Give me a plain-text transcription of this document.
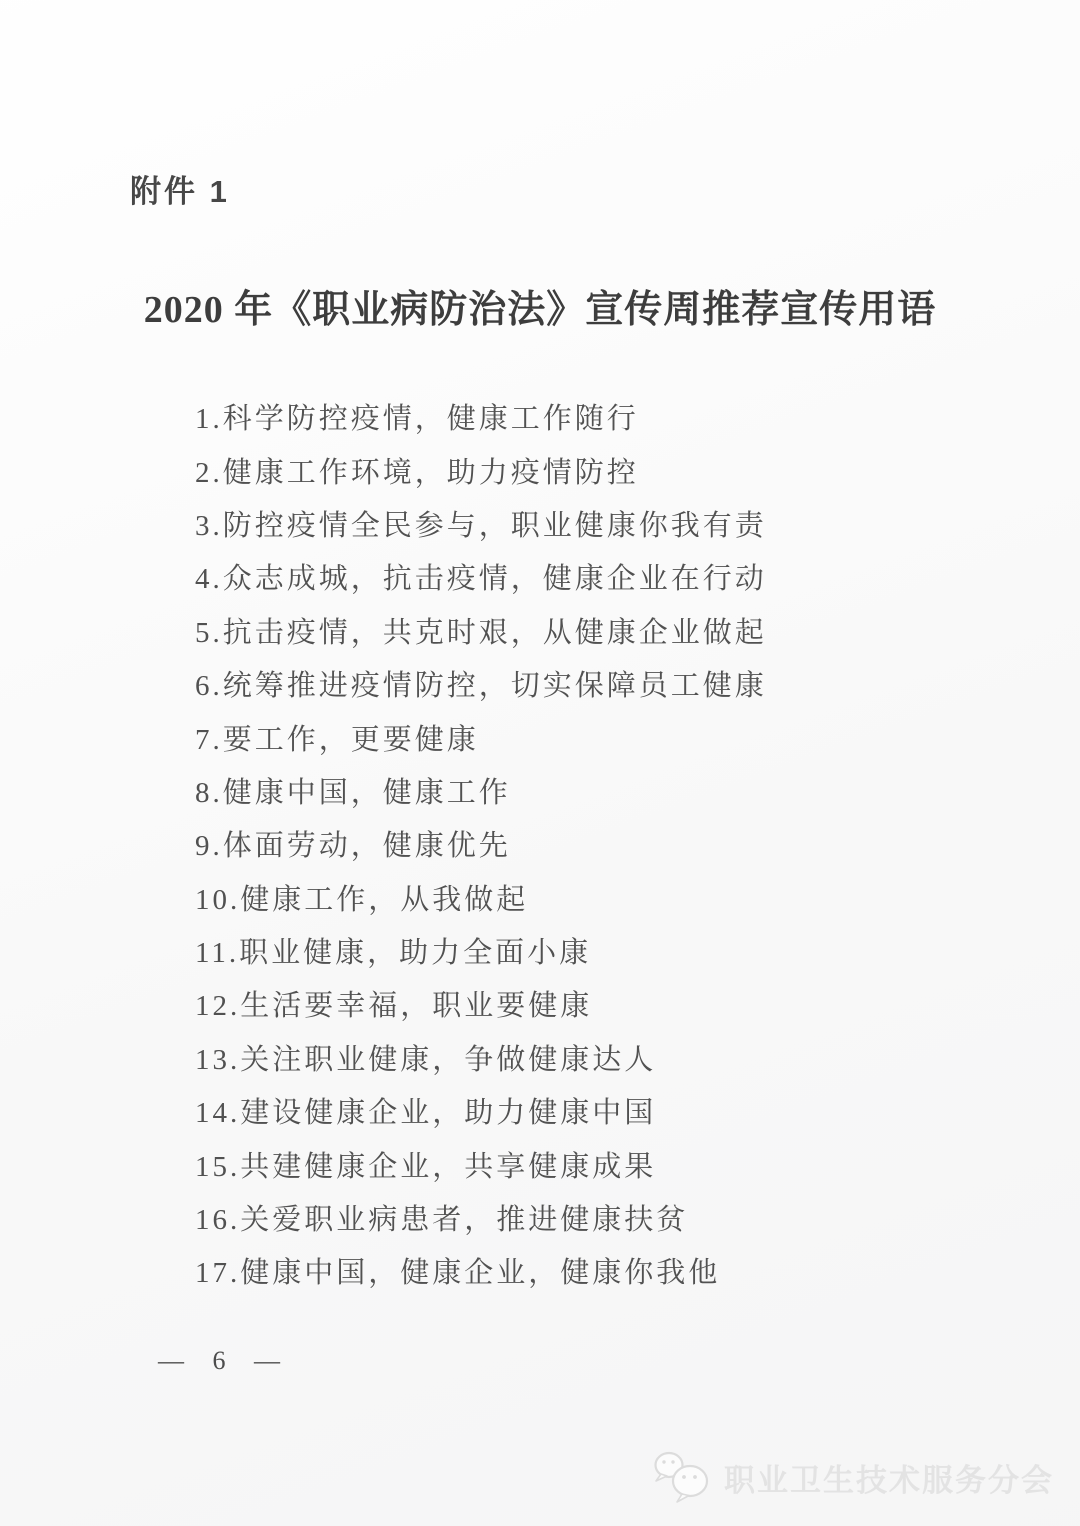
附件 1
2020 年《职业病防治法》宣传周推荐宣传用语
1.科学防控疫情，健康工作随行
2.健康工作环境，助力疫情防控
3.防控疫情全民参与，职业健康你我有责
4.众志成城，抗击疫情，健康企业在行动
5.抗击疫情，共克时艰，从健康企业做起
6.统筹推进疫情防控，切实保障员工健康
7.要工作，更要健康
8.健康中国，健康工作
9.体面劳动，健康优先
10.健康工作，从我做起
11.职业健康，助力全面小康
12.生活要幸福，职业要健康
13.关注职业健康，争做健康达人
14.建设健康企业，助力健康中国
15.共建健康企业，共享健康成果
16.关爱职业病患者，推进健康扶贫
17.健康中国，健康企业，健康你我他
— 6 —
职业卫生技术服务分会
